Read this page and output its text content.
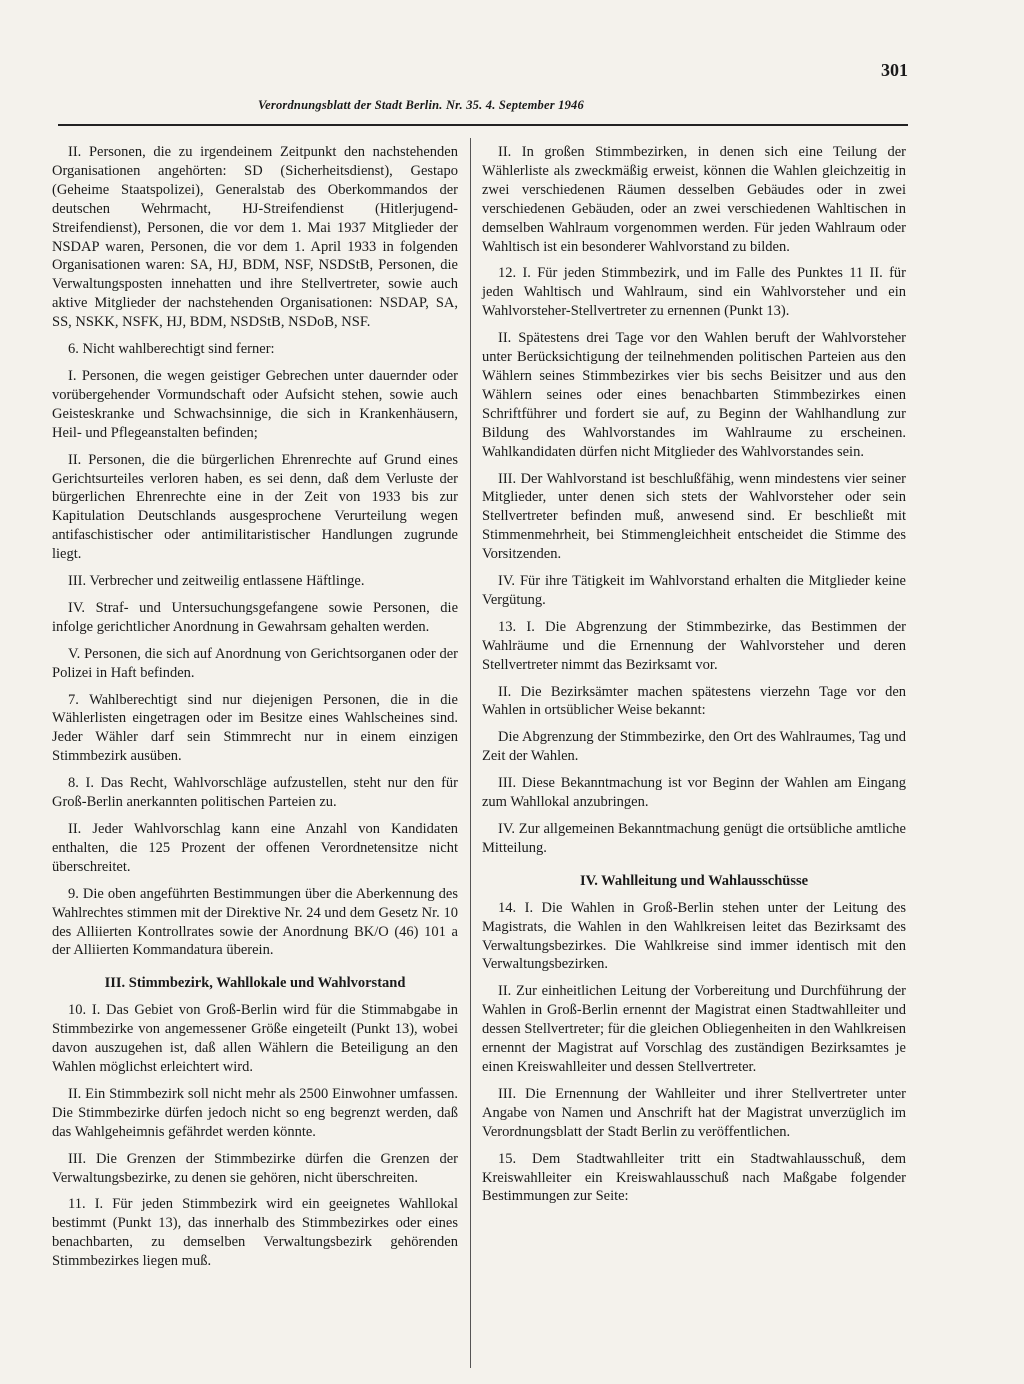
301
Verordnungsblatt der Stadt Berlin. Nr. 35. 4. September 1946

II. Personen, die zu irgendeinem Zeitpunkt den nachstehenden Organisationen angehörten: SD (Sicherheitsdienst), Gestapo (Geheime Staatspolizei), Generalstab des Oberkommandos der deutschen Wehrmacht, HJ-Streifendienst (Hitlerjugend-Streifendienst), Personen, die vor dem 1. Mai 1937 Mitglieder der NSDAP waren, Personen, die vor dem 1. April 1933 in folgenden Organisationen waren: SA, HJ, BDM, NSF, NSDStB, Personen, die Verwaltungsposten innehatten und ihre Stellvertreter, sowie auch aktive Mitglieder der nachstehenden Organisationen: NSDAP, SA, SS, NSKK, NSFK, HJ, BDM, NSDStB, NSDoB, NSF.

6. Nicht wahlberechtigt sind ferner:

I. Personen, die wegen geistiger Gebrechen unter dauernder oder vorübergehender Vormundschaft oder Aufsicht stehen, sowie auch Geisteskranke und Schwachsinnige, die sich in Krankenhäusern, Heil- und Pflegeanstalten befinden;

II. Personen, die die bürgerlichen Ehrenrechte auf Grund eines Gerichtsurteiles verloren haben, es sei denn, daß dem Verluste der bürgerlichen Ehrenrechte eine in der Zeit von 1933 bis zur Kapitulation Deutschlands ausgesprochene Verurteilung wegen antifaschistischer oder antimilitaristischer Handlungen zugrunde liegt.

III. Verbrecher und zeitweilig entlassene Häftlinge.

IV. Straf- und Untersuchungsgefangene sowie Personen, die infolge gerichtlicher Anordnung in Gewahrsam gehalten werden.

V. Personen, die sich auf Anordnung von Gerichtsorganen oder der Polizei in Haft befinden.

7. Wahlberechtigt sind nur diejenigen Personen, die in die Wählerlisten eingetragen oder im Besitze eines Wahlscheines sind. Jeder Wähler darf sein Stimmrecht nur in einem einzigen Stimmbezirk ausüben.

8. I. Das Recht, Wahlvorschläge aufzustellen, steht nur den für Groß-Berlin anerkannten politischen Parteien zu.

II. Jeder Wahlvorschlag kann eine Anzahl von Kandidaten enthalten, die 125 Prozent der offenen Verordnetensitze nicht überschreitet.

9. Die oben angeführten Bestimmungen über die Aberkennung des Wahlrechtes stimmen mit der Direktive Nr. 24 und dem Gesetz Nr. 10 des Alliierten Kontrollrates sowie der Anordnung BK/O (46) 101 a der Alliierten Kommandatura überein.

III. Stimmbezirk, Wahllokale und Wahlvorstand

10. I. Das Gebiet von Groß-Berlin wird für die Stimmabgabe in Stimmbezirke von angemessener Größe eingeteilt (Punkt 13), wobei davon auszugehen ist, daß allen Wählern die Beteiligung an den Wahlen möglichst erleichtert wird.

II. Ein Stimmbezirk soll nicht mehr als 2500 Einwohner umfassen. Die Stimmbezirke dürfen jedoch nicht so eng begrenzt werden, daß das Wahlgeheimnis gefährdet werden könnte.

III. Die Grenzen der Stimmbezirke dürfen die Grenzen der Verwaltungsbezirke, zu denen sie gehören, nicht überschreiten.

11. I. Für jeden Stimmbezirk wird ein geeignetes Wahllokal bestimmt (Punkt 13), das innerhalb des Stimmbezirkes oder eines benachbarten, zu demselben Verwaltungsbezirk gehörenden Stimmbezirkes liegen muß.

II. In großen Stimmbezirken, in denen sich eine Teilung der Wählerliste als zweckmäßig erweist, können die Wahlen gleichzeitig in zwei verschiedenen Räumen desselben Gebäudes oder in zwei verschiedenen Gebäuden, oder an zwei verschiedenen Wahltischen in demselben Wahlraum vorgenommen werden. Für jeden Wahlraum oder Wahltisch ist ein besonderer Wahlvorstand zu bilden.

12. I. Für jeden Stimmbezirk, und im Falle des Punktes 11 II. für jeden Wahltisch und Wahlraum, sind ein Wahlvorsteher und ein Wahlvorsteher-Stellvertreter zu ernennen (Punkt 13).

II. Spätestens drei Tage vor den Wahlen beruft der Wahlvorsteher unter Berücksichtigung der teilnehmenden politischen Parteien aus den Wählern seines Stimmbezirkes vier bis sechs Beisitzer und aus den Wählern seines oder eines benachbarten Stimmbezirkes einen Schriftführer und fordert sie auf, zu Beginn der Wahlhandlung zur Bildung des Wahlvorstandes im Wahlraume zu erscheinen. Wahlkandidaten dürfen nicht Mitglieder des Wahlvorstandes sein.

III. Der Wahlvorstand ist beschlußfähig, wenn mindestens vier seiner Mitglieder, unter denen sich stets der Wahlvorsteher oder sein Stellvertreter befinden muß, anwesend sind. Er beschließt mit Stimmenmehrheit, bei Stimmengleichheit entscheidet die Stimme des Vorsitzenden.

IV. Für ihre Tätigkeit im Wahlvorstand erhalten die Mitglieder keine Vergütung.

13. I. Die Abgrenzung der Stimmbezirke, das Bestimmen der Wahlräume und die Ernennung der Wahlvorsteher und deren Stellvertreter nimmt das Bezirksamt vor.

II. Die Bezirksämter machen spätestens vierzehn Tage vor den Wahlen in ortsüblicher Weise bekannt:

Die Abgrenzung der Stimmbezirke, den Ort des Wahlraumes, Tag und Zeit der Wahlen.

III. Diese Bekanntmachung ist vor Beginn der Wahlen am Eingang zum Wahllokal anzubringen.

IV. Zur allgemeinen Bekanntmachung genügt die ortsübliche amtliche Mitteilung.

IV. Wahlleitung und Wahlausschüsse

14. I. Die Wahlen in Groß-Berlin stehen unter der Leitung des Magistrats, die Wahlen in den Wahlkreisen leitet das Bezirksamt des Verwaltungsbezirkes. Die Wahlkreise sind immer identisch mit den Verwaltungsbezirken.

II. Zur einheitlichen Leitung der Vorbereitung und Durchführung der Wahlen in Groß-Berlin ernennt der Magistrat einen Stadtwahlleiter und dessen Stellvertreter; für die gleichen Obliegenheiten in den Wahlkreisen ernennt der Magistrat auf Vorschlag des zuständigen Bezirksamtes je einen Kreiswahlleiter und dessen Stellvertreter.

III. Die Ernennung der Wahlleiter und ihrer Stellvertreter unter Angabe von Namen und Anschrift hat der Magistrat unverzüglich im Verordnungsblatt der Stadt Berlin zu veröffentlichen.

15. Dem Stadtwahlleiter tritt ein Stadtwahlausschuß, dem Kreiswahlleiter ein Kreiswahlausschuß nach Maßgabe folgender Bestimmungen zur Seite:
